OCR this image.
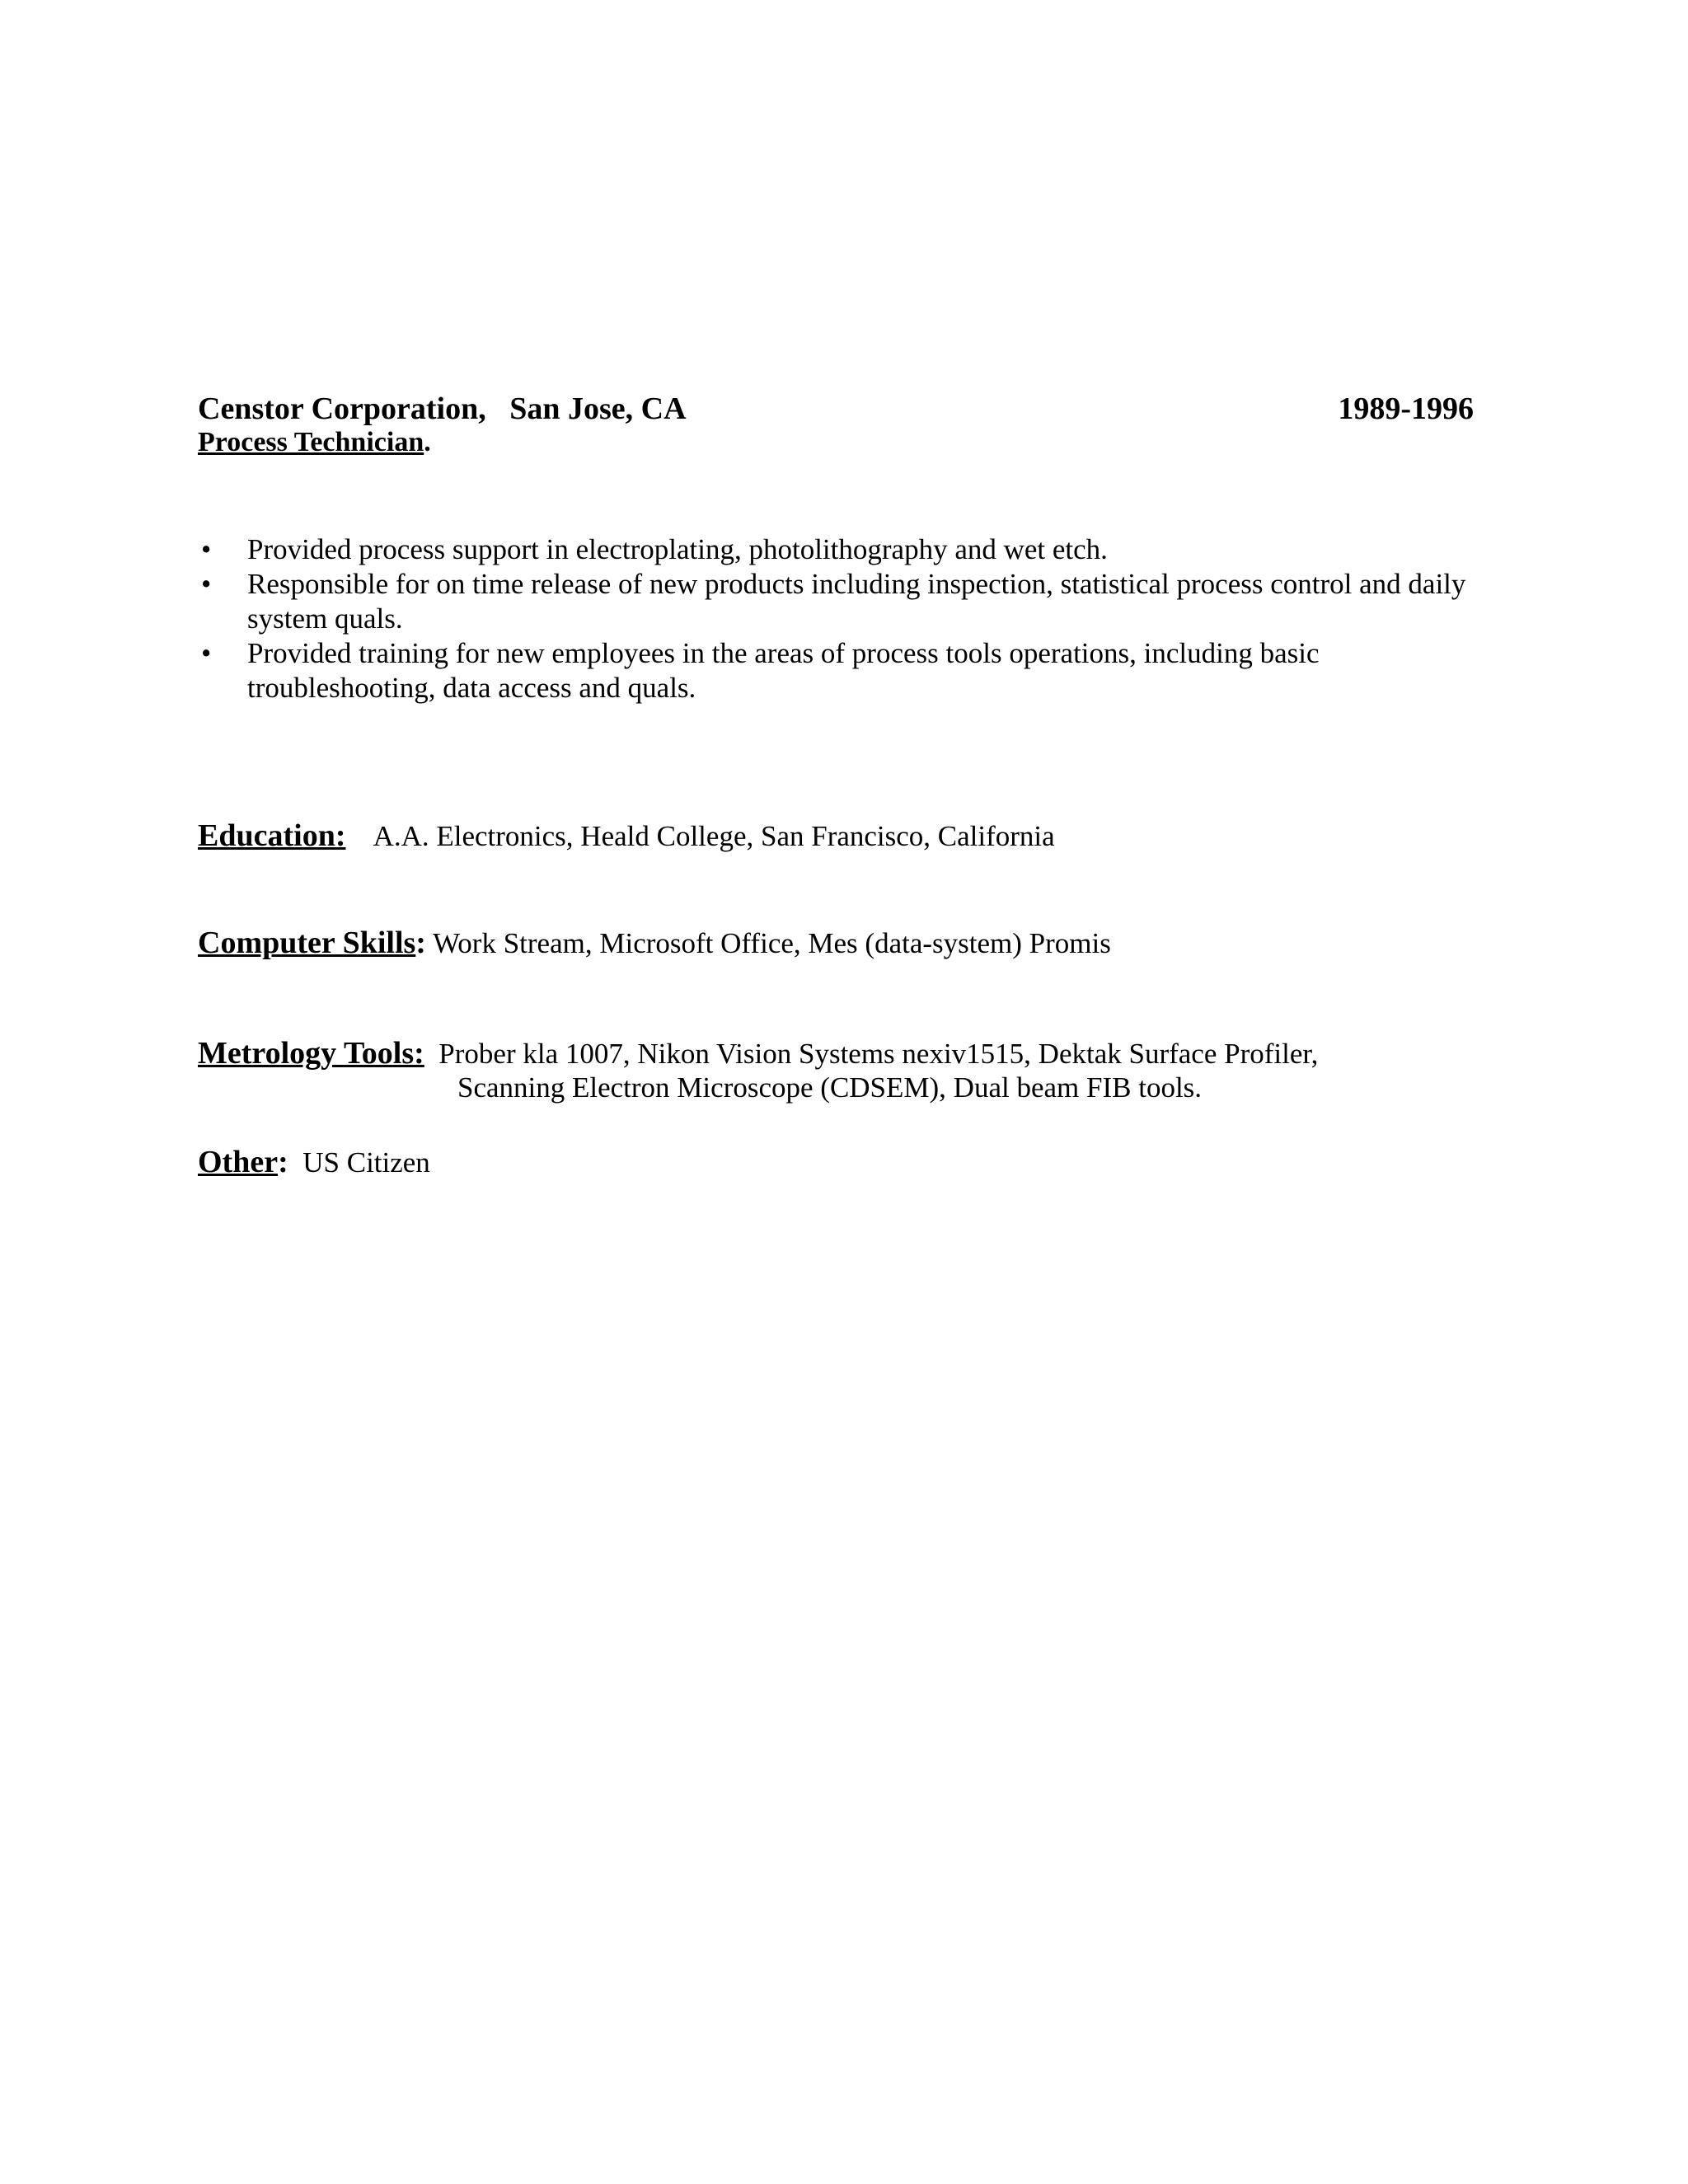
Censtor Corporation, San Jose, CA	1989-1996
Process Technician.
• Provided process support in electroplating, photolithography and wet etch.
• Responsible for on time release of new products including inspection, statistical process control and daily system quals.
• Provided training for new employees in the areas of process tools operations, including basic troubleshooting, data access and quals.
Education: A.A. Electronics, Heald College, San Francisco, California
Computer Skills: Work Stream, Microsoft Office, Mes (data-system) Promis
Metrology Tools: Prober kla 1007, Nikon Vision Systems nexiv1515, Dektak Surface Profiler,
Scanning Electron Microscope (CDSEM), Dual beam FIB tools.
Other: US Citizen
